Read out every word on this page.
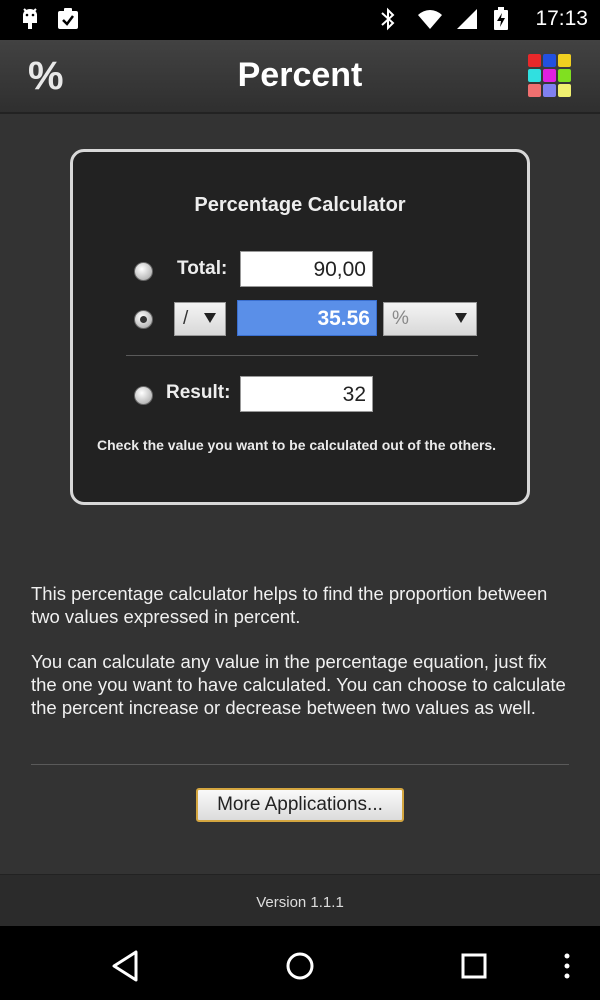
17:13
%	Percent
Percentage Calculator
Total:	90,00
/	35.56	%
Result:	32
Check the value you want to be calculated out of the others.
This percentage calculator helps to find the proportion between two values expressed in percent.
You can calculate any value in the percentage equation, just fix the one you want to have calculated. You can choose to calculate the percent increase or decrease between two values as well.
More Applications...
Version 1.1.1
